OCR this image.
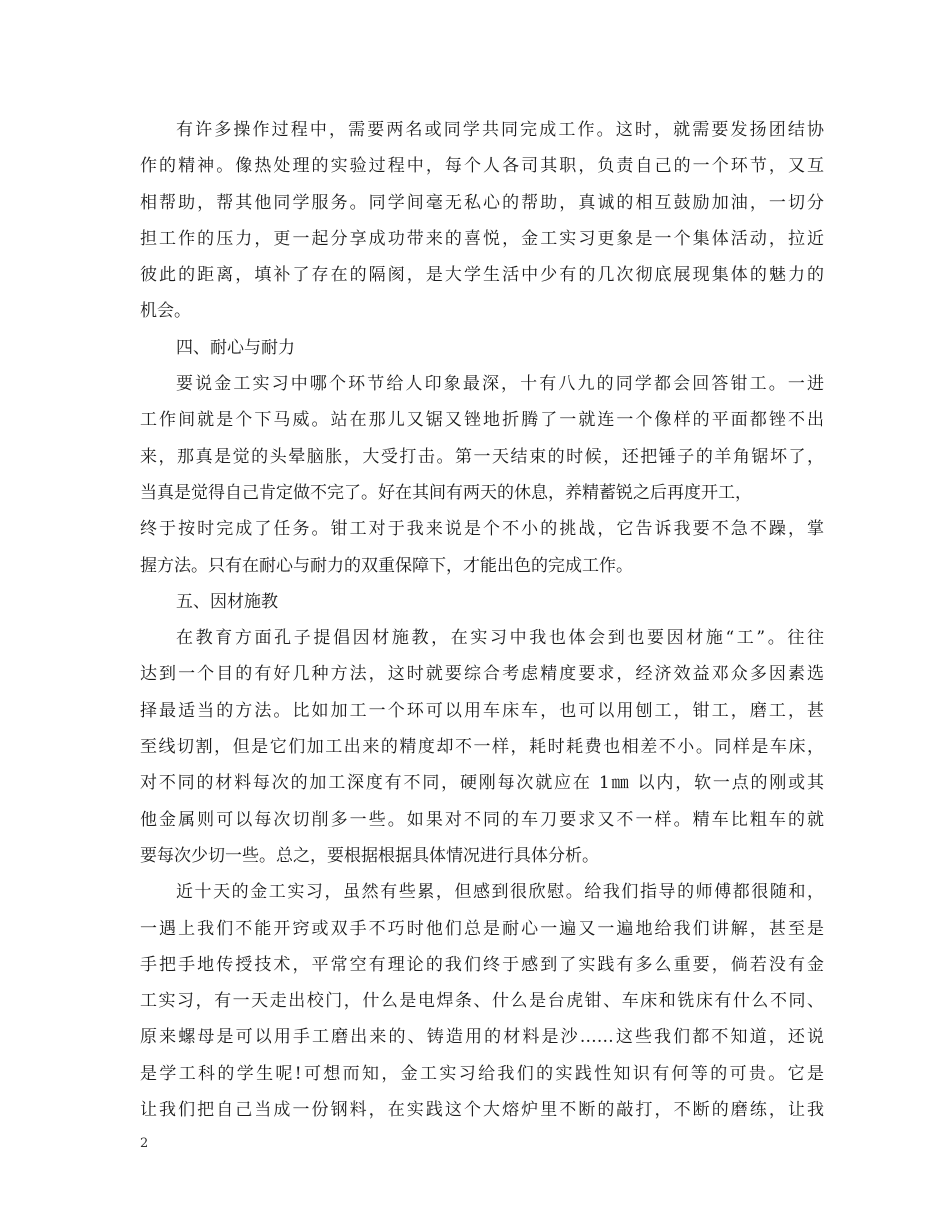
有许多操作过程中，需要两名或同学共同完成工作。这时，就需要发扬团结协
作的精神。像热处理的实验过程中，每个人各司其职，负责自己的一个环节，又互
相帮助，帮其他同学服务。同学间毫无私心的帮助，真诚的相互鼓励加油，一切分
担工作的压力，更一起分享成功带来的喜悦，金工实习更象是一个集体活动，拉近
彼此的距离，填补了存在的隔阂，是大学生活中少有的几次彻底展现集体的魅力的
机会。
四、耐心与耐力
要说金工实习中哪个环节给人印象最深，十有八九的同学都会回答钳工。一进
工作间就是个下马威。站在那儿又锯又锉地折腾了一就连一个像样的平面都锉不出
来，那真是觉的头晕脑胀，大受打击。第一天结束的时候，还把锤子的羊角锯坏了，
当真是觉得自己肯定做不完了。好在其间有两天的休息，养精蓄锐之后再度开工，
终于按时完成了任务。钳工对于我来说是个不小的挑战，它告诉我要不急不躁，掌
握方法。只有在耐心与耐力的双重保障下，才能出色的完成工作。
五、因材施教
在教育方面孔子提倡因材施教，在实习中我也体会到也要因材施“工”。往往
达到一个目的有好几种方法，这时就要综合考虑精度要求，经济效益邓众多因素选
择最适当的方法。比如加工一个环可以用车床车，也可以用刨工，钳工，磨工，甚
至线切割，但是它们加工出来的精度却不一样，耗时耗费也相差不小。同样是车床，
对不同的材料每次的加工深度有不同，硬刚每次就应在 1㎜ 以内，软一点的刚或其
他金属则可以每次切削多一些。如果对不同的车刀要求又不一样。精车比粗车的就
要每次少切一些。总之，要根据根据具体情况进行具体分析。
近十天的金工实习，虽然有些累，但感到很欣慰。给我们指导的师傅都很随和，
一遇上我们不能开窍或双手不巧时他们总是耐心一遍又一遍地给我们讲解，甚至是
手把手地传授技术，平常空有理论的我们终于感到了实践有多么重要，倘若没有金
工实习，有一天走出校门，什么是电焊条、什么是台虎钳、车床和铣床有什么不同、
原来螺母是可以用手工磨出来的、铸造用的材料是沙……这些我们都不知道，还说
是学工科的学生呢!可想而知，金工实习给我们的实践性知识有何等的可贵。它是
让我们把自己当成一份钢料，在实践这个大熔炉里不断的敲打，不断的磨练，让我
2
